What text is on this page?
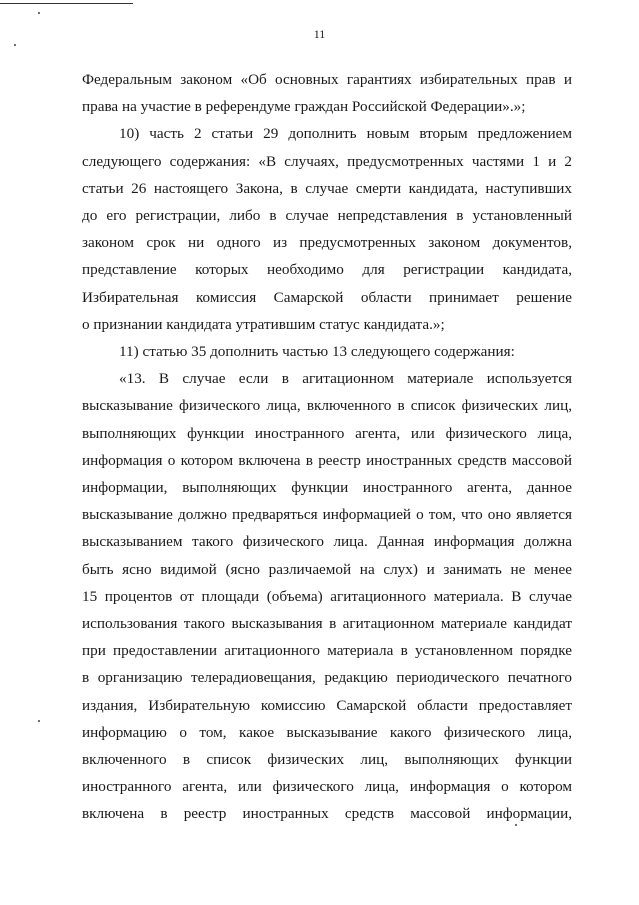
11
Федеральным законом «Об основных гарантиях избирательных прав и
права на участие в референдуме граждан Российской Федерации».»;
10) часть 2 статьи 29 дополнить новым вторым предложением
следующего содержания: «В случаях, предусмотренных частями 1 и 2
статьи 26 настоящего Закона, в случае смерти кандидата, наступивших
до его регистрации, либо в случае непредставления в установленный
законом срок ни одного из предусмотренных законом документов,
представление которых необходимо для регистрации кандидата,
Избирательная комиссия Самарской области принимает решение
о признании кандидата утратившим статус кандидата.»;
11) статью 35 дополнить частью 13 следующего содержания:
«13. В случае если в агитационном материале используется
высказывание физического лица, включенного в список физических лиц,
выполняющих функции иностранного агента, или физического лица,
информация о котором включена в реестр иностранных средств массовой
информации, выполняющих функции иностранного агента, данное
высказывание должно предваряться информацией о том, что оно является
высказыванием такого физического лица. Данная информация должна
быть ясно видимой (ясно различаемой на слух) и занимать не менее
15 процентов от площади (объема) агитационного материала. В случае
использования такого высказывания в агитационном материале кандидат
при предоставлении агитационного материала в установленном порядке
в организацию телерадиовещания, редакцию периодического печатного
издания, Избирательную комиссию Самарской области предоставляет
информацию о том, какое высказывание какого физического лица,
включенного в список физических лиц, выполняющих функции
иностранного агента, или физического лица, информация о котором
включена в реестр иностранных средств массовой информации,
